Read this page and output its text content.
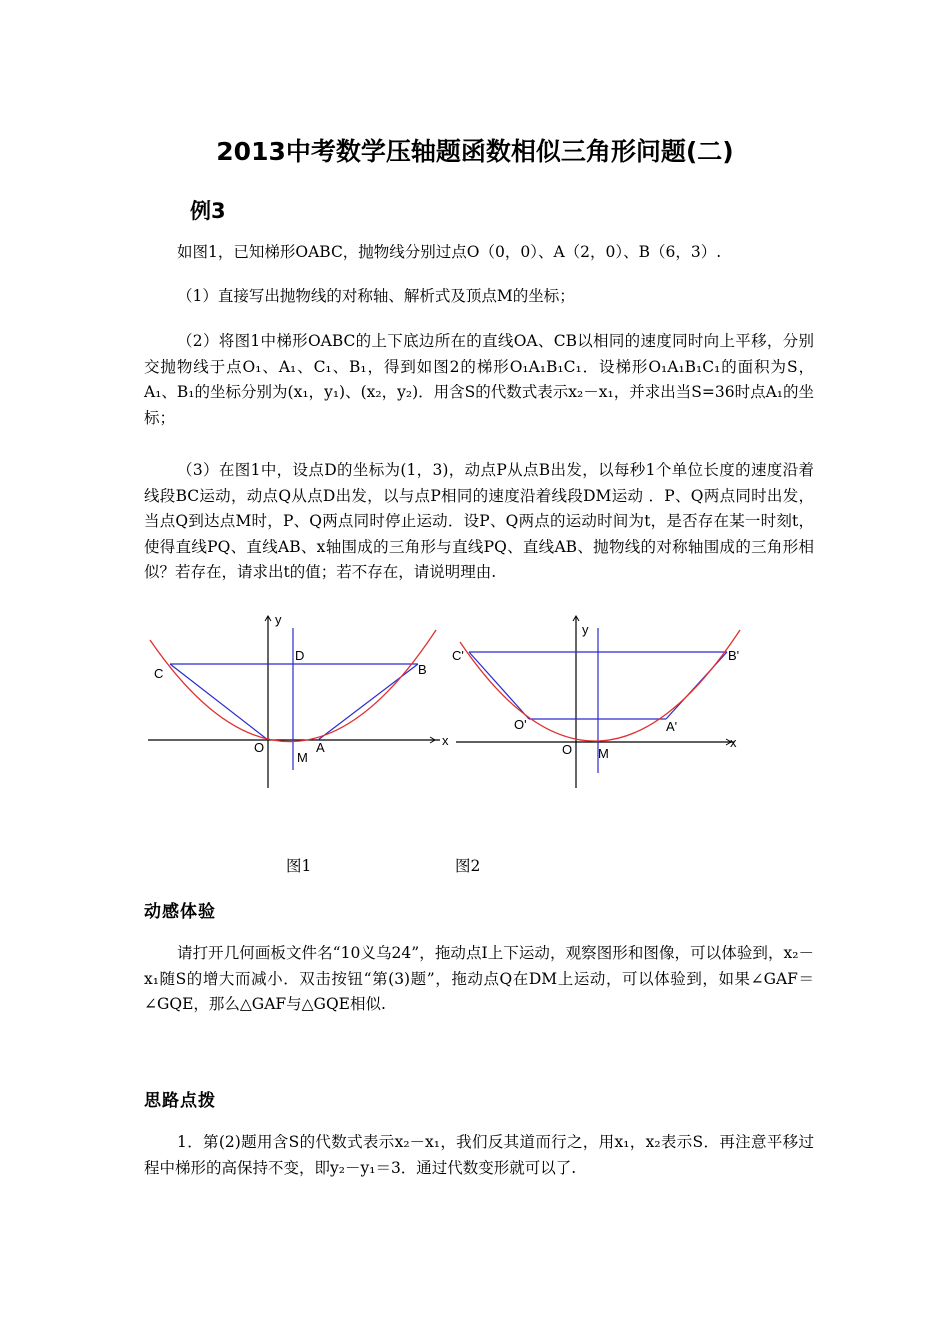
2013中考数学压轴题函数相似三角形问题(二)
例3
如图1，已知梯形OABC，抛物线分别过点O（0，0）、A（2，0）、B（6，3）.
（1）直接写出抛物线的对称轴、解析式及顶点M的坐标；
（2）将图1中梯形OABC的上下底边所在的直线OA、CB以相同的速度同时向上平移，分别交抛物线于点O₁、A₁、C₁、B₁，得到如图2的梯形O₁A₁B₁C₁．设梯形O₁A₁B₁C₁的面积为S，A₁、B₁的坐标分别为(x₁，y₁)、(x₂，y₂)．用含S的代数式表示x₂－x₁，并求出当S=36时点A₁的坐标；
（3）在图1中，设点D的坐标为(1，3)，动点P从点B出发，以每秒1个单位长度的速度沿着线段BC运动，动点Q从点D出发，以与点P相同的速度沿着线段DM运动 ．P、Q两点同时出发，当点Q到达点M时，P、Q两点同时停止运动．设P、Q两点的运动时间为t，是否存在某一时刻t，使得直线PQ、直线AB、x轴围成的三角形与直线PQ、直线AB、抛物线的对称轴围成的三角形相似？若存在，请求出t的值；若不存在，请说明理由.
y
x
D
C	B
O
M
A
y
x
C'	B'
O'	A'
O M
图1	图2
动感体验
请打开几何画板文件名“10义乌24”，拖动点I上下运动，观察图形和图像，可以体验到，x₂－x₁随S的增大而减小．双击按钮“第(3)题”，拖动点Q在DM上运动，可以体验到，如果∠GAF＝∠GQE，那么△GAF与△GQE相似.
思路点拨
1．第(2)题用含S的代数式表示x₂－x₁，我们反其道而行之，用x₁，x₂表示S．再注意平移过程中梯形的高保持不变，即y₂－y₁＝3．通过代数变形就可以了.
